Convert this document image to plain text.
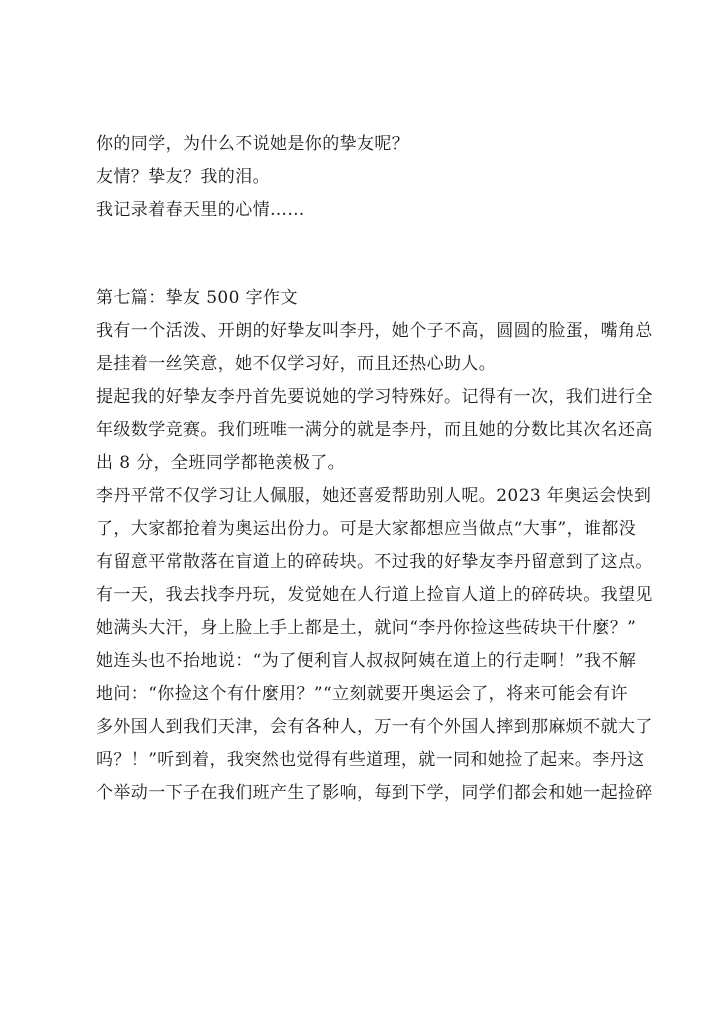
你的同学，为什么不说她是你的挚友呢？
友情？挚友？我的泪。
我记录着春天里的心情……
第七篇：挚友 500 字作文
我有一个活泼、开朗的好挚友叫李丹，她个子不高，圆圆的脸蛋，嘴角总
是挂着一丝笑意，她不仅学习好，而且还热心助人。
提起我的好挚友李丹首先要说她的学习特殊好。记得有一次，我们进行全
年级数学竞赛。我们班唯一满分的就是李丹，而且她的分数比其次名还高
出 8 分，全班同学都艳羡极了。
李丹平常不仅学习让人佩服，她还喜爱帮助别人呢。2023 年奥运会快到
了，大家都抢着为奥运出份力。可是大家都想应当做点“大事”，谁都没
有留意平常散落在盲道上的碎砖块。不过我的好挚友李丹留意到了这点。
有一天，我去找李丹玩，发觉她在人行道上捡盲人道上的碎砖块。我望见
她满头大汗，身上脸上手上都是土，就问“李丹你捡这些砖块干什麼？”
她连头也不抬地说：“为了便利盲人叔叔阿姨在道上的行走啊！”我不解
地问：“你捡这个有什麼用？”“立刻就要开奥运会了，将来可能会有许
多外国人到我们天津，会有各种人，万一有个外国人摔到那麻烦不就大了
吗？！”听到着，我突然也觉得有些道理，就一同和她捡了起来。李丹这
个举动一下子在我们班产生了影响，每到下学，同学们都会和她一起捡碎
